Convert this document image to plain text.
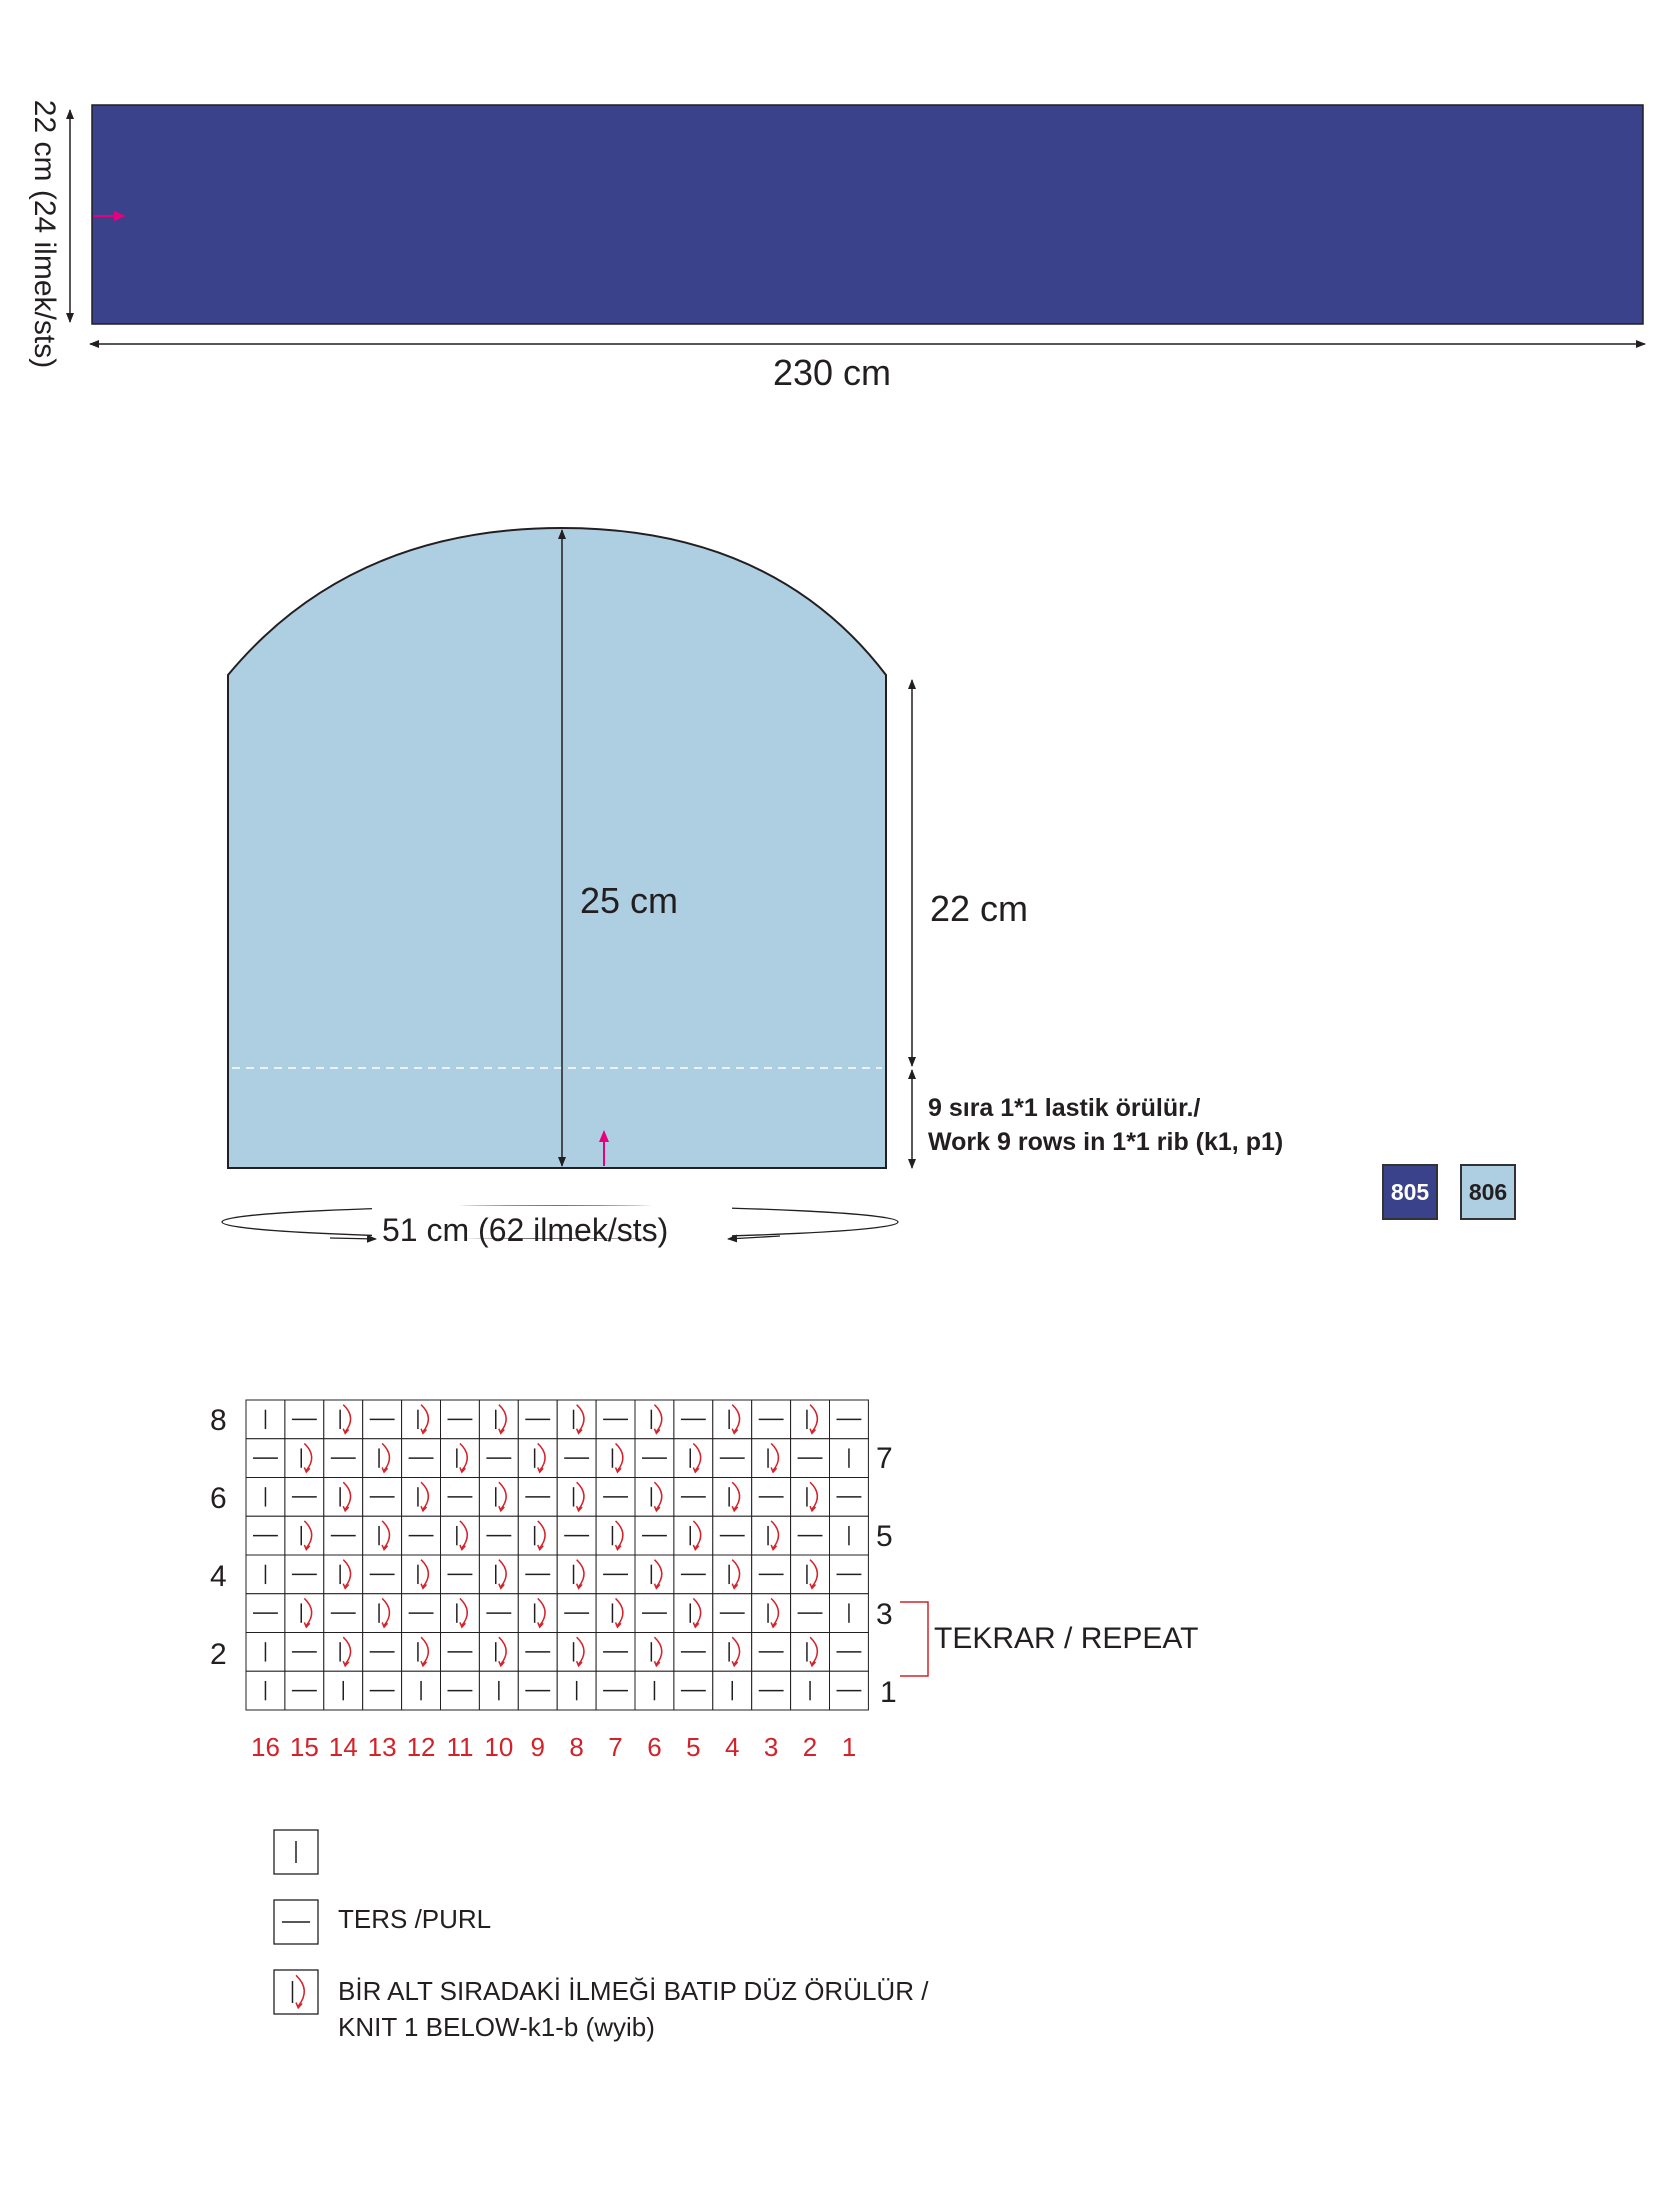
22 cm (24 ilmek/sts)
230 cm
25 cm	22 cm
9 sıra 1*1 lastik örülür./
Work 9 rows in 1*1 rib (k1, p1)
51 cm (62 ilmek/sts)
805 806
8
6
4
2
7
5
3
1
TEKRAR / REPEAT
16 15 14 13 12 11 10 9 8 7 6 5 4 3 2 1
TERS /PURL
BİR ALT SIRADAKİ İLMEĞİ BATIP DÜZ ÖRÜLÜR /
KNIT 1 BELOW-k1-b (wyib)
